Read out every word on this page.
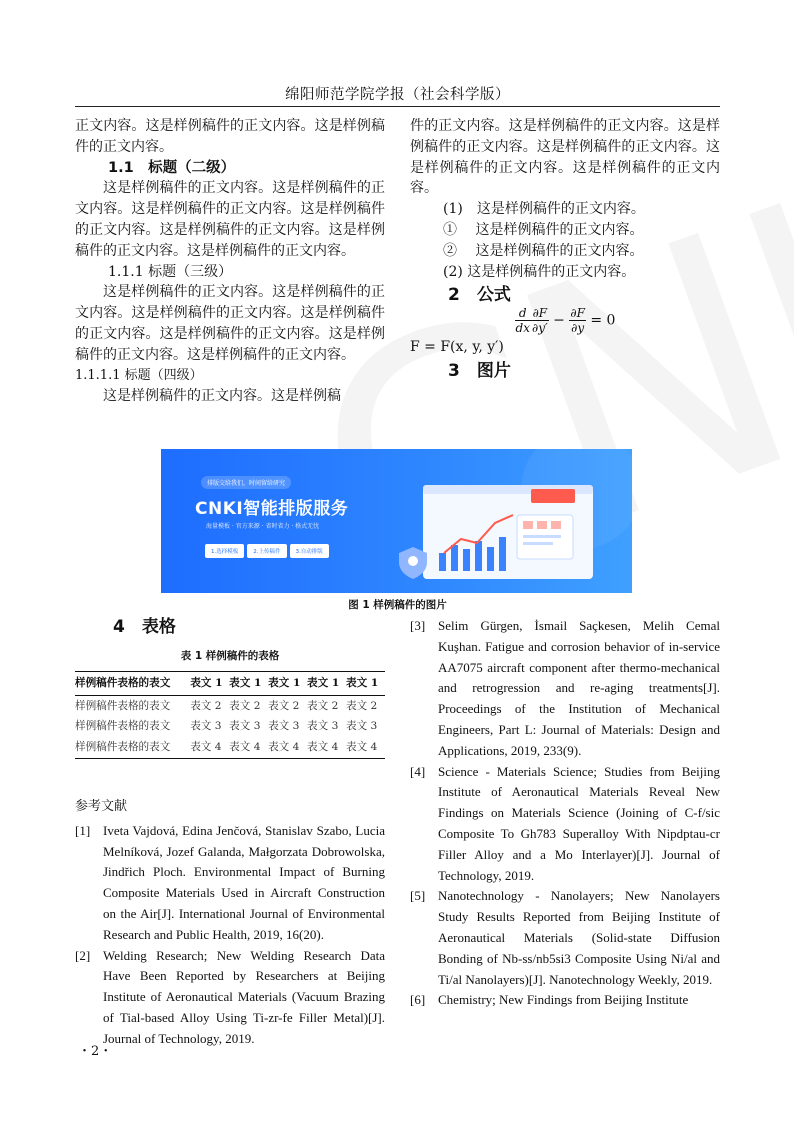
绵阳师范学院学报（社会科学版）

正文内容。这是样例稿件的正文内容。这是样例稿件的正文内容。

1.1　标题（二级）

这是样例稿件的正文内容。这是样例稿件的正文内容。这是样例稿件的正文内容。这是样例稿件的正文内容。这是样例稿件的正文内容。这是样例稿件的正文内容。这是样例稿件的正文内容。

1.1.1 标题（三级）

这是样例稿件的正文内容。这是样例稿件的正文内容。这是样例稿件的正文内容。这是样例稿件的正文内容。这是样例稿件的正文内容。这是样例稿件的正文内容。这是样例稿件的正文内容。

1.1.1.1 标题（四级）

这是样例稿件的正文内容。这是样例稿

件的正文内容。这是样例稿件的正文内容。这是样例稿件的正文内容。这是样例稿件的正文内容。这是样例稿件的正文内容。这是样例稿件的正文内容。

(1)　这是样例稿件的正文内容。

①　 这是样例稿件的正文内容。

②　 这是样例稿件的正文内容。

(2) 这是样例稿件的正文内容。

2　公式

$\frac{d}{dx} \frac{\partial F}{\partial y'} - \frac{\partial F}{\partial y} = 0$

F = F(x, y, y′)

3　图片

排版交给我们，时间留给研究
CNKI智能排版服务
海量模板 · 官方来源 · 省时省力 · 格式无忧
1.选择模板	2.上传稿件	3.自动排版
图 1 样例稿件的图片

4　表格

表 1 样例稿件的表格
样例稿件表格的表文	表文 1	表文 1	表文 1	表文 1	表文 1
样例稿件表格的表文	表文 2	表文 2	表文 2	表文 2	表文 2
样例稿件表格的表文	表文 3	表文 3	表文 3	表文 3	表文 3
样例稿件表格的表文	表文 4	表文 4	表文 4	表文 4	表文 4

参考文献

[1] Iveta Vajdová, Edina Jenčová, Stanislav Szabo, Lucia Melníková, Jozef Galanda, Małgorzata Dobrowolska, Jindřich Ploch. Environmental Impact of Burning Composite Materials Used in Aircraft Construction on the Air[J]. International Journal of Environmental Research and Public Health, 2019, 16(20).
[2] Welding Research; New Welding Research Data Have Been Reported by Researchers at Beijing Institute of Aeronautical Materials (Vacuum Brazing of Tial-based Alloy Using Ti-zr-fe Filler Metal)[J]. Journal of Technology, 2019.
[3] Selim Gürgen, İsmail Saçkesen, Melih Cemal Kuşhan. Fatigue and corrosion behavior of in-service AA7075 aircraft component after thermo-mechanical and retrogression and re-aging treatments[J]. Proceedings of the Institution of Mechanical Engineers, Part L: Journal of Materials: Design and Applications, 2019, 233(9).
[4] Science - Materials Science; Studies from Beijing Institute of Aeronautical Materials Reveal New Findings on Materials Science (Joining of C-f/sic Composite To Gh783 Superalloy With Nipdptau-cr Filler Alloy and a Mo Interlayer)[J]. Journal of Technology, 2019.
[5] Nanotechnology - Nanolayers; New Nanolayers Study Results Reported from Beijing Institute of Aeronautical Materials (Solid-state Diffusion Bonding of Nb-ss/nb5si3 Composite Using Ni/al and Ti/al Nanolayers)[J]. Nanotechnology Weekly, 2019.
[6] Chemistry; New Findings from Beijing Institute
・2・
